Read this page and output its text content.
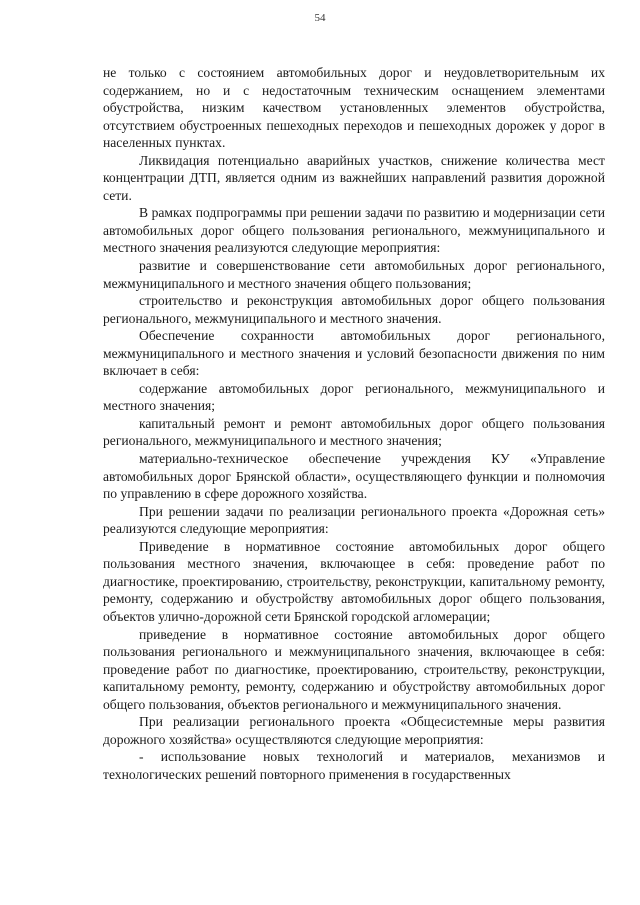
54

не только с состоянием автомобильных дорог и неудовлетворительным их содержанием, но и с недостаточным техническим оснащением элементами обустройства, низким качеством установленных элементов обустройства, отсутствием обустроенных пешеходных переходов и пешеходных дорожек у дорог в населенных пунктах.

Ликвидация потенциально аварийных участков, снижение количества мест концентрации ДТП, является одним из важнейших направлений развития дорожной сети.

В рамках подпрограммы при решении задачи по развитию и модернизации сети автомобильных дорог общего пользования регионального, межмуниципального и местного значения реализуются следующие мероприятия:

развитие и совершенствование сети автомобильных дорог регионального, межмуниципального и местного значения общего пользования;

строительство и реконструкция автомобильных дорог общего пользования регионального, межмуниципального и местного значения.

Обеспечение сохранности автомобильных дорог регионального, межмуниципального и местного значения и условий безопасности движения по ним включает в себя:

содержание автомобильных дорог регионального, межмуниципального и местного значения;

капитальный ремонт и ремонт автомобильных дорог общего пользования регионального, межмуниципального и местного значения;

материально-техническое обеспечение учреждения КУ «Управление автомобильных дорог Брянской области», осуществляющего функции и полномочия по управлению в сфере дорожного хозяйства.

При решении задачи по реализации регионального проекта «Дорожная сеть» реализуются следующие мероприятия:

Приведение в нормативное состояние автомобильных дорог общего пользования местного значения, включающее в себя: проведение работ по диагностике, проектированию, строительству, реконструкции, капитальному ремонту, ремонту, содержанию и обустройству автомобильных дорог общего пользования, объектов улично-дорожной сети Брянской городской агломерации;

приведение в нормативное состояние автомобильных дорог общего пользования регионального и межмуниципального значения, включающее в себя: проведение работ по диагностике, проектированию, строительству, реконструкции, капитальному ремонту, ремонту, содержанию и обустройству автомобильных дорог общего пользования, объектов регионального и межмуниципального значения.

При реализации регионального проекта «Общесистемные меры развития дорожного хозяйства» осуществляются следующие мероприятия:

- использование новых технологий и материалов, механизмов и технологических решений повторного применения в государственных
